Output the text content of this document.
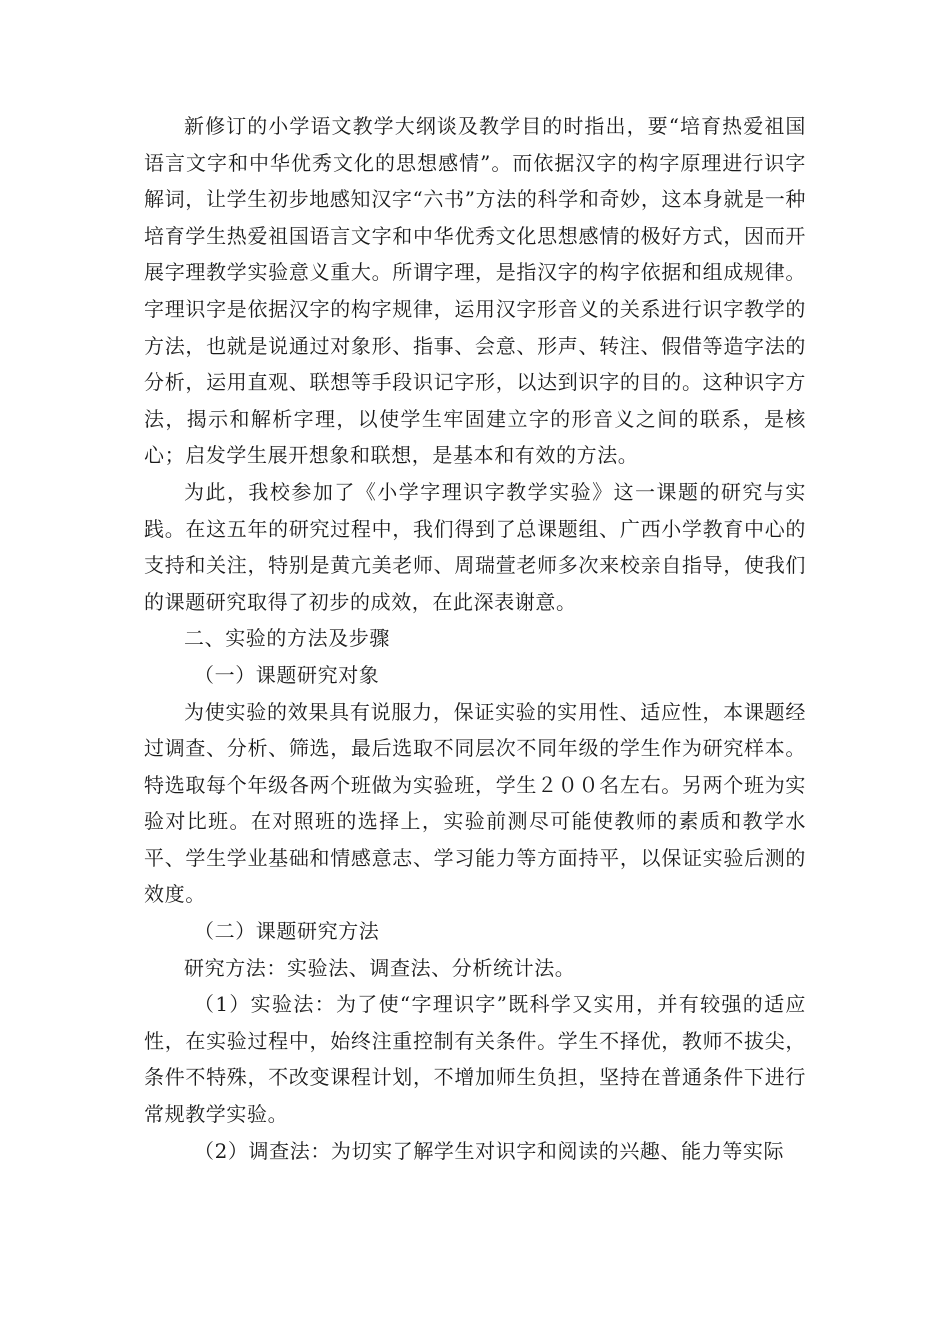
新修订的小学语文教学大纲谈及教学目的时指出，要“培育热爱祖国语言文字和中华优秀文化的思想感情”。而依据汉字的构字原理进行识字解词，让学生初步地感知汉字“六书”方法的科学和奇妙，这本身就是一种培育学生热爱祖国语言文字和中华优秀文化思想感情的极好方式，因而开展字理教学实验意义重大。所谓字理，是指汉字的构字依据和组成规律。字理识字是依据汉字的构字规律，运用汉字形音义的关系进行识字教学的方法，也就是说通过对象形、指事、会意、形声、转注、假借等造字法的分析，运用直观、联想等手段识记字形，以达到识字的目的。这种识字方法，揭示和解析字理，以使学生牢固建立字的形音义之间的联系，是核心；启发学生展开想象和联想，是基本和有效的方法。

为此，我校参加了《小学字理识字教学实验》这一课题的研究与实践。在这五年的研究过程中，我们得到了总课题组、广西小学教育中心的支持和关注，特别是黄亢美老师、周瑞萱老师多次来校亲自指导，使我们的课题研究取得了初步的成效，在此深表谢意。

二、实验的方法及步骤

（一）课题研究对象

为使实验的效果具有说服力，保证实验的实用性、适应性，本课题经过调查、分析、筛选，最后选取不同层次不同年级的学生作为研究样本。特选取每个年级各两个班做为实验班，学生２００名左右。另两个班为实验对比班。在对照班的选择上，实验前测尽可能使教师的素质和教学水平、学生学业基础和情感意志、学习能力等方面持平，以保证实验后测的效度。

（二）课题研究方法

研究方法：实验法、调查法、分析统计法。

（1）实验法：为了使“字理识字”既科学又实用，并有较强的适应性，在实验过程中，始终注重控制有关条件。学生不择优，教师不拔尖，条件不特殊，不改变课程计划，不增加师生负担，坚持在普通条件下进行常规教学实验。

（2）调查法：为切实了解学生对识字和阅读的兴趣、能力等实际
